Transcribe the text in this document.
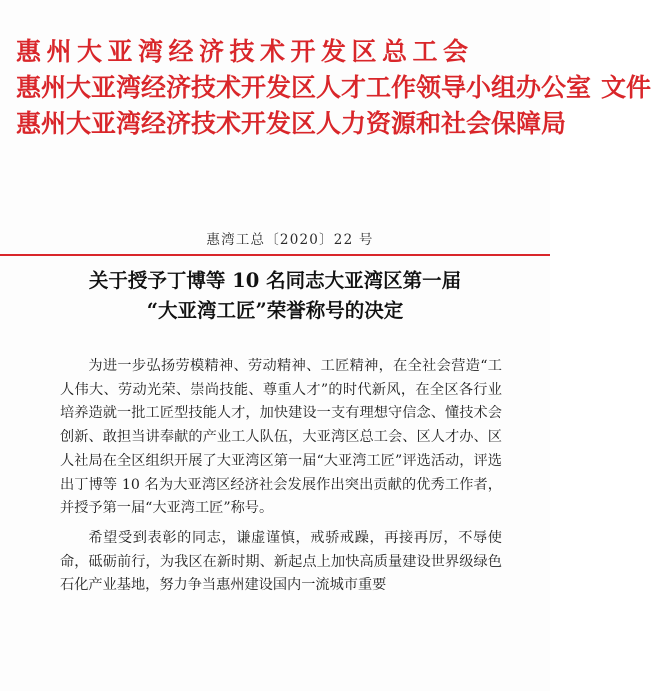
惠州大亚湾经济技术开发区总工会
惠州大亚湾经济技术开发区人才工作领导小组办公室 文件
惠州大亚湾经济技术开发区人力资源和社会保障局
惠湾工总〔2020〕22 号
关于授予丁博等 10 名同志大亚湾区第一届
“大亚湾工匠”荣誉称号的决定

为进一步弘扬劳模精神、劳动精神、工匠精神，在全社会营造“工人伟大、劳动光荣、崇尚技能、尊重人才”的时代新风，在全区各行业培养造就一批工匠型技能人才，加快建设一支有理想守信念、懂技术会创新、敢担当讲奉献的产业工人队伍，大亚湾区总工会、区人才办、区人社局在全区组织开展了大亚湾区第一届“大亚湾工匠”评选活动，评选出丁博等 10 名为大亚湾区经济社会发展作出突出贡献的优秀工作者，并授予第一届“大亚湾工匠”称号。

希望受到表彰的同志，谦虚谨慎，戒骄戒躁，再接再厉，不辱使命，砥砺前行，为我区在新时期、新起点上加快高质量建设世界级绿色石化产业基地，努力争当惠州建设国内一流城市重要
